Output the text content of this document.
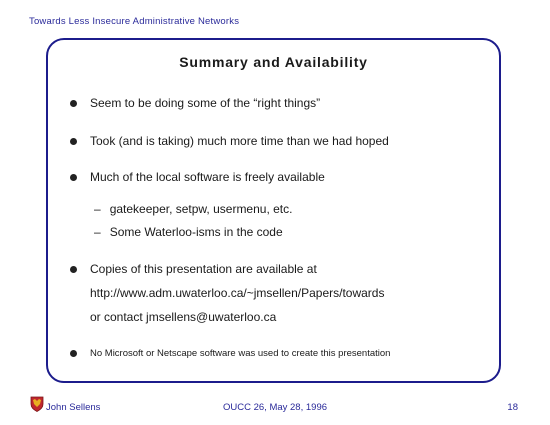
Towards Less Insecure Administrative Networks
Summary and Availability
Seem to be doing some of the “right things”
Took (and is taking) much more time than we had hoped
Much of the local software is freely available
– gatekeeper, setpw, usermenu, etc.
– Some Waterloo-isms in the code
Copies of this presentation are available at
http://www.adm.uwaterloo.ca/~jmsellen/Papers/towards
or contact jmsellens@uwaterloo.ca
No Microsoft or Netscape software was used to create this presentation
John Sellens	OUCC 26, May 28, 1996	18
